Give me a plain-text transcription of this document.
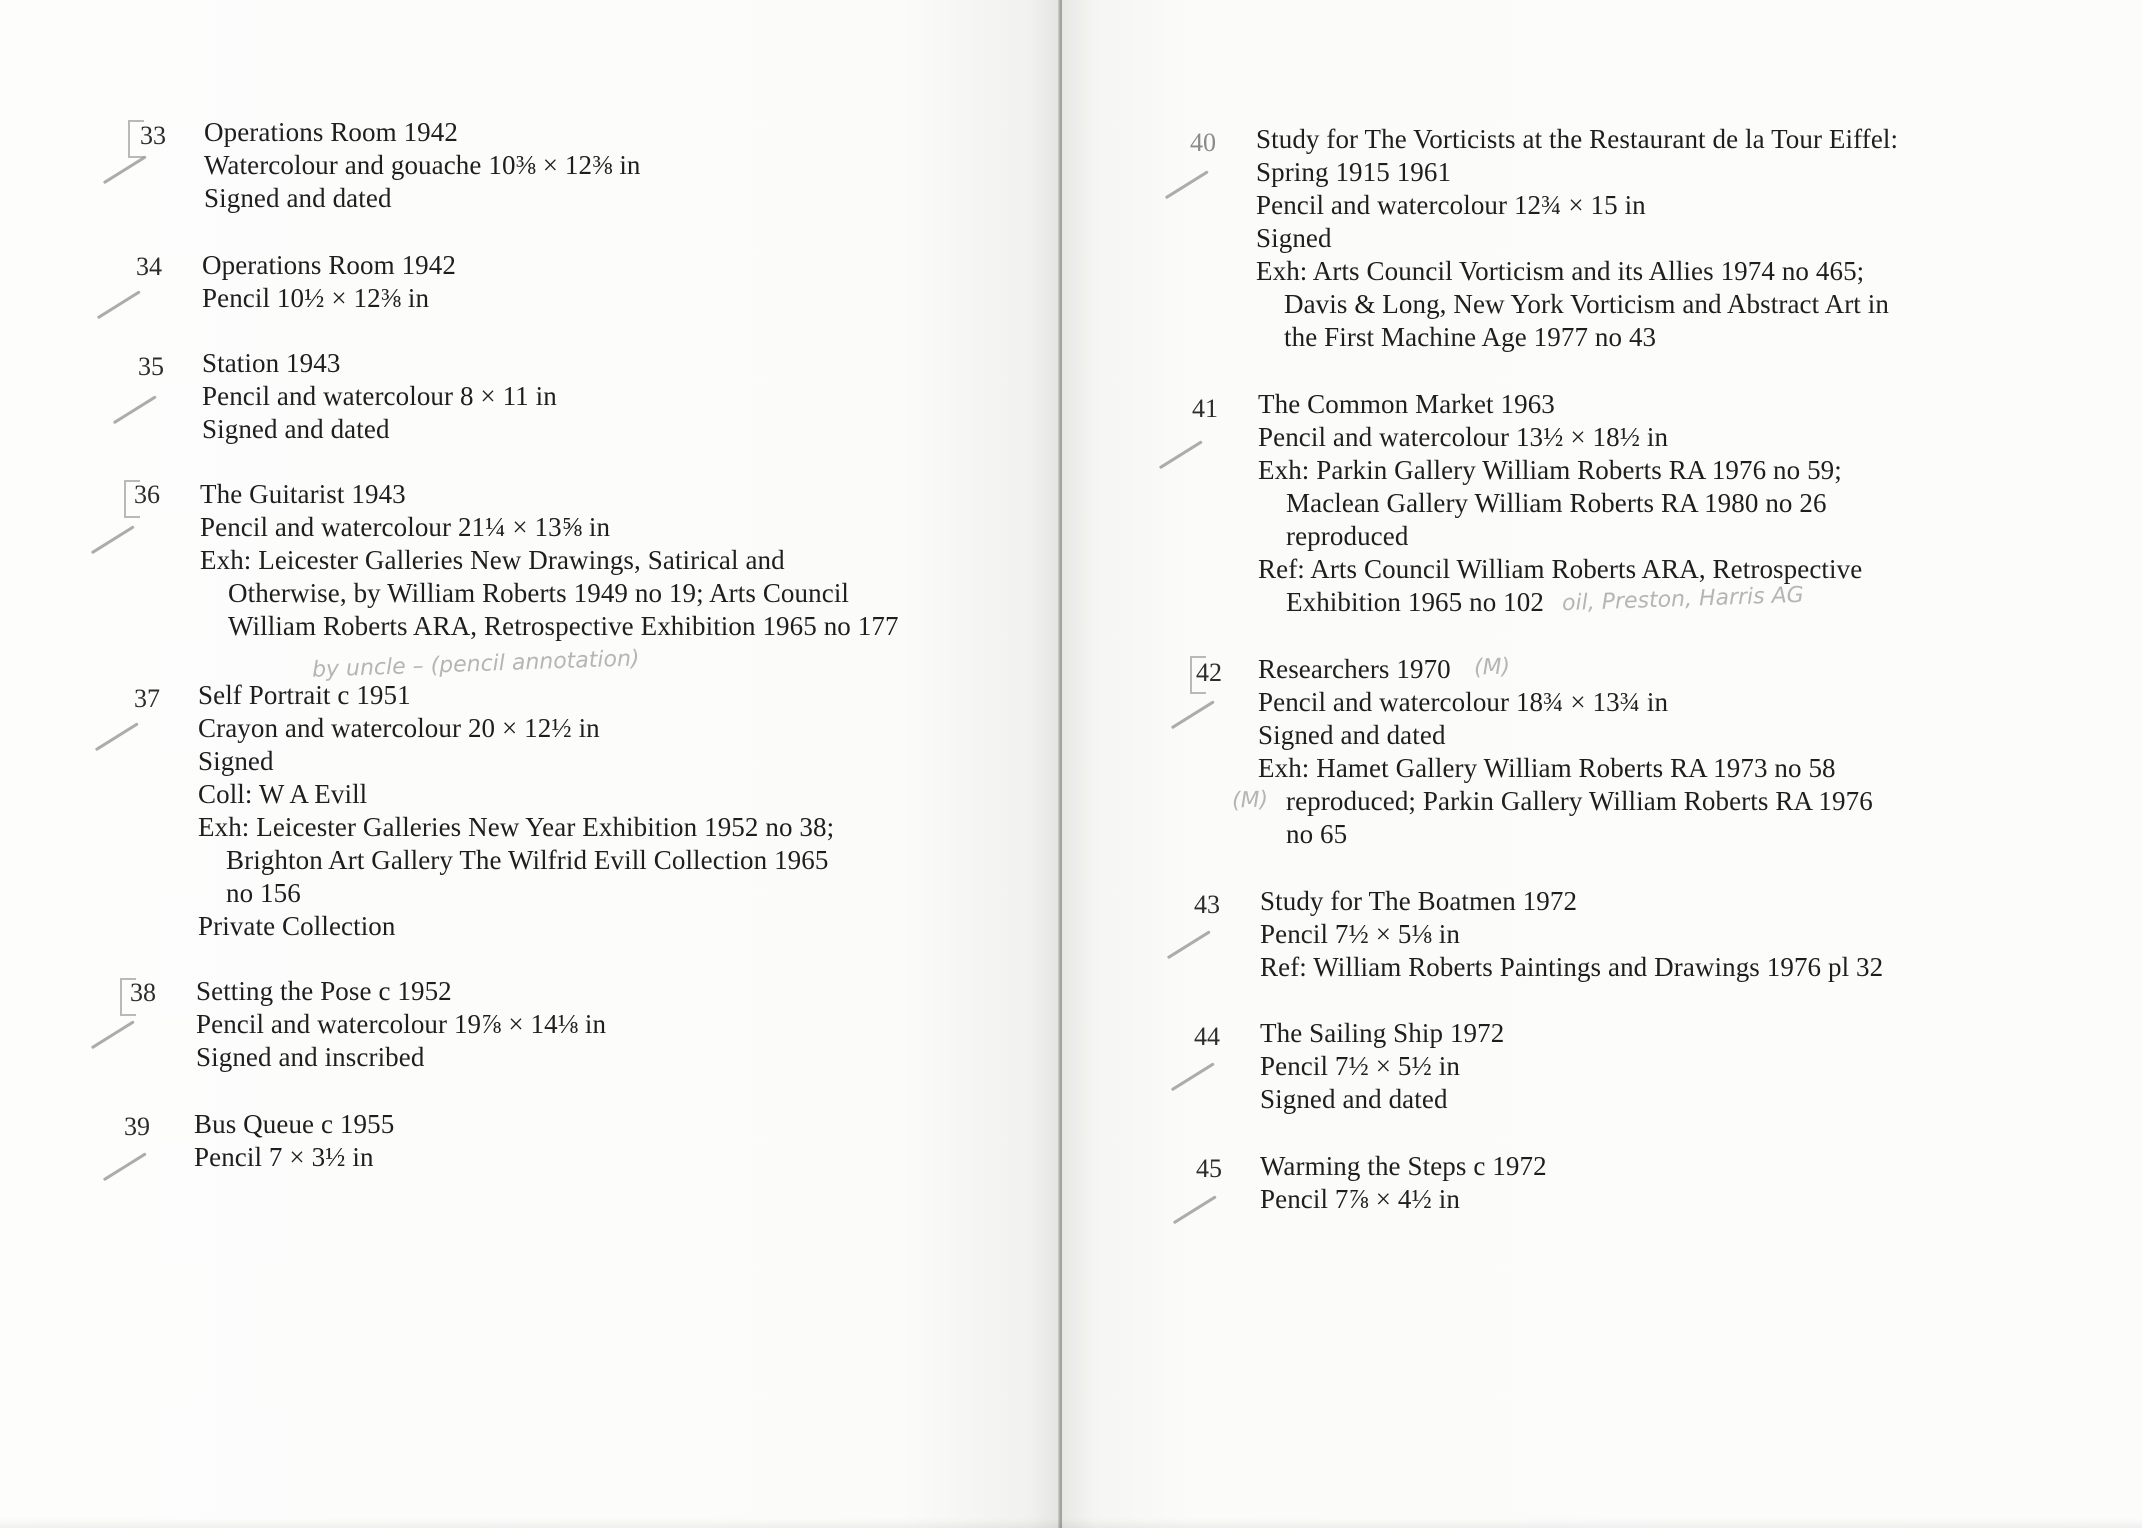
33 Operations Room 1942
Watercolour and gouache 10⅜ × 12⅜ in
Signed and dated
34 Operations Room 1942
Pencil 10½ × 12⅜ in
35 Station 1943
Pencil and watercolour 8 × 11 in
Signed and dated
36 The Guitarist 1943
Pencil and watercolour 21¼ × 13⅝ in
Exh: Leicester Galleries New Drawings, Satirical and
Otherwise, by William Roberts 1949 no 19; Arts Council
William Roberts ARA, Retrospective Exhibition 1965 no 177
by uncle – (pencil annotation)
37 Self Portrait c 1951
Crayon and watercolour 20 × 12½ in
Signed
Coll: W A Evill
Exh: Leicester Galleries New Year Exhibition 1952 no 38;
Brighton Art Gallery The Wilfrid Evill Collection 1965
no 156
Private Collection
38 Setting the Pose c 1952
Pencil and watercolour 19⅞ × 14⅛ in
Signed and inscribed
39 Bus Queue c 1955
Pencil 7 × 3½ in
40 Study for The Vorticists at the Restaurant de la Tour Eiffel:
Spring 1915 1961
Pencil and watercolour 12¾ × 15 in
Signed
Exh: Arts Council Vorticism and its Allies 1974 no 465;
Davis & Long, New York Vorticism and Abstract Art in
the First Machine Age 1977 no 43
41 The Common Market 1963
Pencil and watercolour 13½ × 18½ in
Exh: Parkin Gallery William Roberts RA 1976 no 59;
Maclean Gallery William Roberts RA 1980 no 26
reproduced
Ref: Arts Council William Roberts ARA, Retrospective
Exhibition 1965 no 102 oil, Preston, Harris AG
42 Researchers 1970
Pencil and watercolour 18¾ × 13¾ in
Signed and dated
Exh: Hamet Gallery William Roberts RA 1973 no 58
reproduced; Parkin Gallery William Roberts RA 1976
no 65
(M)
(M)
43 Study for The Boatmen 1972
Pencil 7½ × 5⅛ in
Ref: William Roberts Paintings and Drawings 1976 pl 32
44 The Sailing Ship 1972
Pencil 7½ × 5½ in
Signed and dated
45 Warming the Steps c 1972
Pencil 7⅞ × 4½ in
